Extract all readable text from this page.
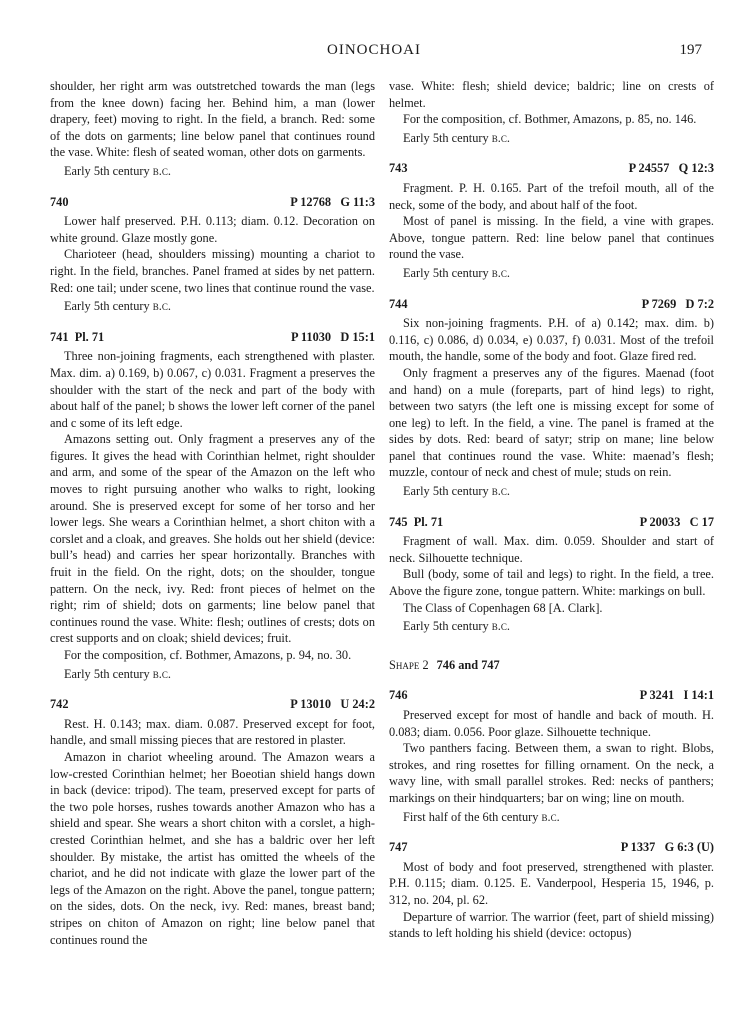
OINOCHOAI	197

shoulder, her right arm was outstretched towards the man (legs from the knee down) facing her. Behind him, a man (lower drapery, feet) moving to right. In the field, a branch. Red: some of the dots on garments; line below panel that continues round the vase. White: flesh of seated woman, other dots on garments.

Early 5th century b.c.

740	P 12768 G 11:3

Lower half preserved. P.H. 0.113; diam. 0.12. Decoration on white ground. Glaze mostly gone.

Charioteer (head, shoulders missing) mounting a chariot to right. In the field, branches. Panel framed at sides by net pattern. Red: one tail; under scene, two lines that continue round the vase.

Early 5th century b.c.

741 Pl. 71	P 11030 D 15:1

Three non-joining fragments, each strengthened with plaster. Max. dim. a) 0.169, b) 0.067, c) 0.031. Fragment a preserves the shoulder with the start of the neck and part of the body with about half of the panel; b shows the lower left corner of the panel and c some of its left edge.

Amazons setting out. Only fragment a preserves any of the figures. It gives the head with Corinthian helmet, right shoulder and arm, and some of the spear of the Amazon on the left who moves to right pursuing another who walks to right, looking around. She is preserved except for some of her torso and her lower legs. She wears a Corinthian helmet, a short chiton with a corslet and a cloak, and greaves. She holds out her shield (device: bull’s head) and carries her spear horizontally. Branches with fruit in the field. On the right, dots; on the shoulder, tongue pattern. On the neck, ivy. Red: front pieces of helmet on the right; rim of shield; dots on garments; line below panel that continues round the vase. White: flesh; outlines of crests; dots on crest supports and on cloak; shield devices; fruit.

For the composition, cf. Bothmer, Amazons, p. 94, no. 30.

Early 5th century b.c.

742	P 13010 U 24:2

Rest. H. 0.143; max. diam. 0.087. Preserved except for foot, handle, and small missing pieces that are restored in plaster.

Amazon in chariot wheeling around. The Amazon wears a low-crested Corinthian helmet; her Boeotian shield hangs down in back (device: tripod). The team, preserved except for parts of the two pole horses, rushes towards another Amazon who has a shield and spear. She wears a short chiton with a corslet, a high-crested Corinthian helmet, and she has a baldric over her left shoulder. By mistake, the artist has omitted the wheels of the chariot, and he did not indicate with glaze the lower part of the legs of the Amazon on the right. Above the panel, tongue pattern; on the sides, dots. On the neck, ivy. Red: manes, breast band; stripes on chiton of Amazon on right; line below panel that continues round the

vase. White: flesh; shield device; baldric; line on crests of helmet.

For the composition, cf. Bothmer, Amazons, p. 85, no. 146.

Early 5th century b.c.

743	P 24557 Q 12:3

Fragment. P. H. 0.165. Part of the trefoil mouth, all of the neck, some of the body, and about half of the foot.

Most of panel is missing. In the field, a vine with grapes. Above, tongue pattern. Red: line below panel that continues round the vase.

Early 5th century b.c.

744	P 7269 D 7:2

Six non-joining fragments. P.H. of a) 0.142; max. dim. b) 0.116, c) 0.086, d) 0.034, e) 0.037, f) 0.031. Most of the trefoil mouth, the handle, some of the body and foot. Glaze fired red.

Only fragment a preserves any of the figures. Maenad (foot and hand) on a mule (foreparts, part of hind legs) to right, between two satyrs (the left one is missing except for some of one leg) to left. In the field, a vine. The panel is framed at the sides by dots. Red: beard of satyr; strip on mane; line below panel that continues round the vase. White: maenad’s flesh; muzzle, contour of neck and chest of mule; studs on rein.

Early 5th century b.c.

745 Pl. 71	P 20033 C 17

Fragment of wall. Max. dim. 0.059. Shoulder and start of neck. Silhouette technique.

Bull (body, some of tail and legs) to right. In the field, a tree. Above the figure zone, tongue pattern. White: markings on bull.

The Class of Copenhagen 68 [A. Clark].

Early 5th century b.c.

Shape 2 746 and 747
746	P 3241 I 14:1

Preserved except for most of handle and back of mouth. H. 0.083; diam. 0.056. Poor glaze. Silhouette technique.

Two panthers facing. Between them, a swan to right. Blobs, strokes, and ring rosettes for filling ornament. On the neck, a wavy line, with small parallel strokes. Red: necks of panthers; markings on their hindquarters; bar on wing; line on mouth.

First half of the 6th century b.c.

747	P 1337 G 6:3 (U)

Most of body and foot preserved, strengthened with plaster. P.H. 0.115; diam. 0.125. E. Vanderpool, Hesperia 15, 1946, p. 312, no. 204, pl. 62.

Departure of warrior. The warrior (feet, part of shield missing) stands to left holding his shield (device: octopus)
